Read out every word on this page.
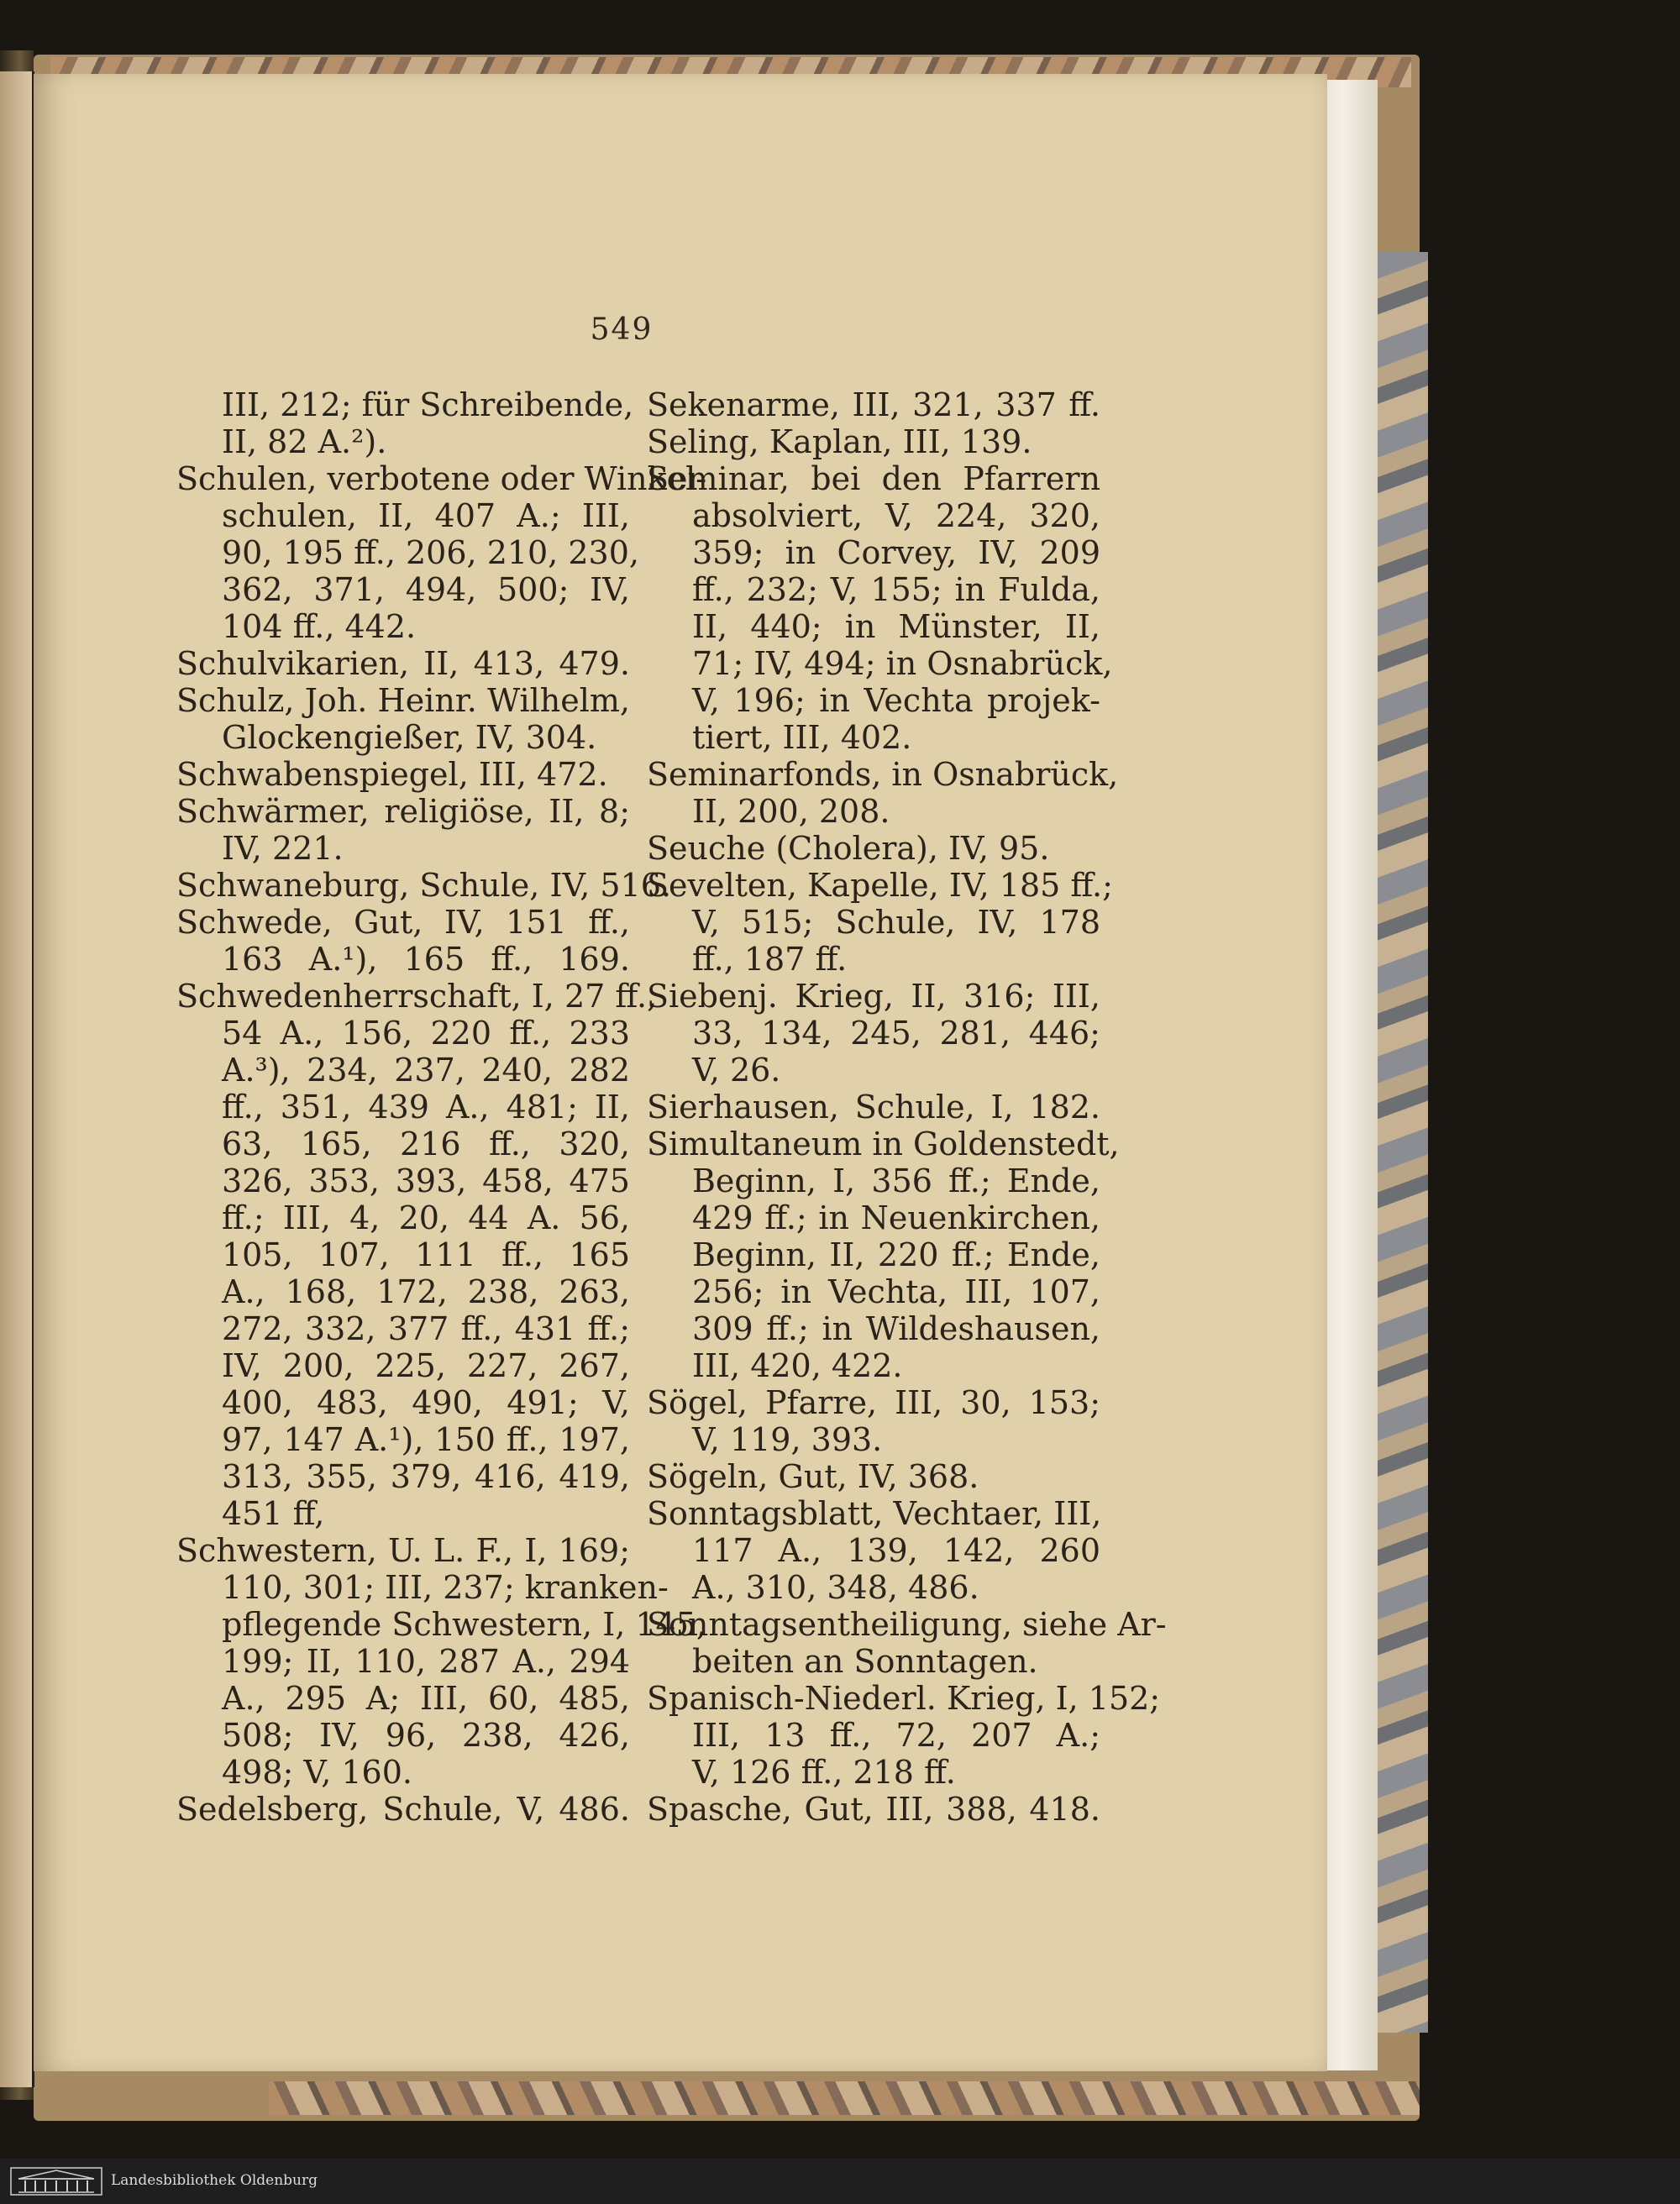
549
III, 212; für Schreibende,
II, 82 A.²).
Schulen, verbotene oder Winkel-
schulen, II, 407 A.; III,
90, 195 ff., 206, 210, 230,
362, 371, 494, 500; IV,
104 ff., 442.
Schulvikarien, II, 413, 479.
Schulz, Joh. Heinr. Wilhelm,
Glockengießer, IV, 304.
Schwabenspiegel, III, 472.
Schwärmer, religiöse, II, 8;
IV, 221.
Schwaneburg, Schule, IV, 516.
Schwede, Gut, IV, 151 ff.,
163 A.¹), 165 ff., 169.
Schwedenherrschaft, I, 27 ff.,
54 A., 156, 220 ff., 233
A.³), 234, 237, 240, 282
ff., 351, 439 A., 481; II,
63, 165, 216 ff., 320,
326, 353, 393, 458, 475
ff.; III, 4, 20, 44 A. 56,
105, 107, 111 ff., 165
A., 168, 172, 238, 263,
272, 332, 377 ff., 431 ff.;
IV, 200, 225, 227, 267,
400, 483, 490, 491; V,
97, 147 A.¹), 150 ff., 197,
313, 355, 379, 416, 419,
451 ff,
Schwestern, U. L. F., I, 169;
110, 301; III, 237; kranken-
pflegende Schwestern, I, 145,
199; II, 110, 287 A., 294
A., 295 A; III, 60, 485,
508; IV, 96, 238, 426,
498; V, 160.
Sedelsberg, Schule, V, 486.
Sekenarme, III, 321, 337 ff.
Seling, Kaplan, III, 139.
Seminar, bei den Pfarrern
absolviert, V, 224, 320,
359; in Corvey, IV, 209
ff., 232; V, 155; in Fulda,
II, 440; in Münster, II,
71; IV, 494; in Osnabrück,
V, 196; in Vechta projek-
tiert, III, 402.
Seminarfonds, in Osnabrück,
II, 200, 208.
Seuche (Cholera), IV, 95.
Sevelten, Kapelle, IV, 185 ff.;
V, 515; Schule, IV, 178
ff., 187 ff.
Siebenj. Krieg, II, 316; III,
33, 134, 245, 281, 446;
V, 26.
Sierhausen, Schule, I, 182.
Simultaneum in Goldenstedt,
Beginn, I, 356 ff.; Ende,
429 ff.; in Neuenkirchen,
Beginn, II, 220 ff.; Ende,
256; in Vechta, III, 107,
309 ff.; in Wildeshausen,
III, 420, 422.
Sögel, Pfarre, III, 30, 153;
V, 119, 393.
Sögeln, Gut, IV, 368.
Sonntagsblatt, Vechtaer, III,
117 A., 139, 142, 260
A., 310, 348, 486.
Sonntagsentheiligung, siehe Ar-
beiten an Sonntagen.
Spanisch-Niederl. Krieg, I, 152;
III, 13 ff., 72, 207 A.;
V, 126 ff., 218 ff.
Spasche, Gut, III, 388, 418.
Landesbibliothek Oldenburg
